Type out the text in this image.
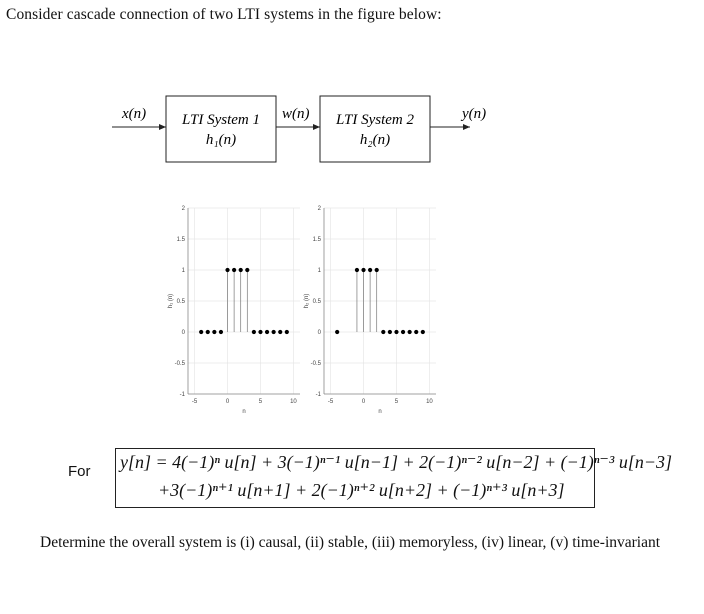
Consider cascade connection of two LTI systems in the figure below:
x(n) LTI System 1
h₁(n)
w(n) LTI System 2
h₂(n)
y(n)
2
1.5
1
0.5
0
-0.5
-1
-5	0	5	10
n
h₁ (n)
2
1.5
1
0.5
0
-0.5
-1
-5	0	5	10
n
h₂ (n)
For y[n] = 4(−1)ⁿ u[n] + 3(−1)ⁿ⁻¹ u[n−1] + 2(−1)ⁿ⁻² u[n−2] + (−1)ⁿ⁻³ u[n−3]
+3(−1)ⁿ⁺¹ u[n+1] + 2(−1)ⁿ⁺² u[n+2] + (−1)ⁿ⁺³ u[n+3]
Determine the overall system is (i) causal, (ii) stable, (iii) memoryless, (iv) linear, (v) time-invariant
